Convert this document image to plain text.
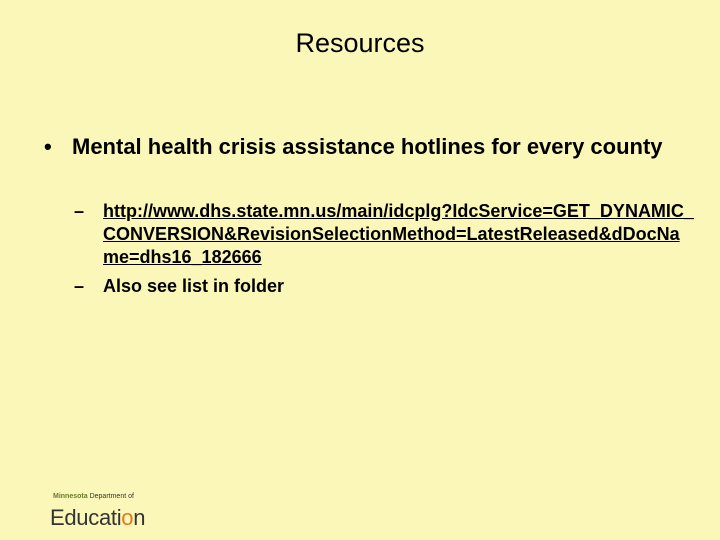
Resources
• Mental health crisis assistance hotlines for every county
– http://www.dhs.state.mn.us/main/idcplg?IdcService=GET_DYNAMIC_CONVERSION&RevisionSelectionMethod=LatestReleased&dDocName=dhs16_182666
– Also see list in folder
Minnesota Department of
Education
